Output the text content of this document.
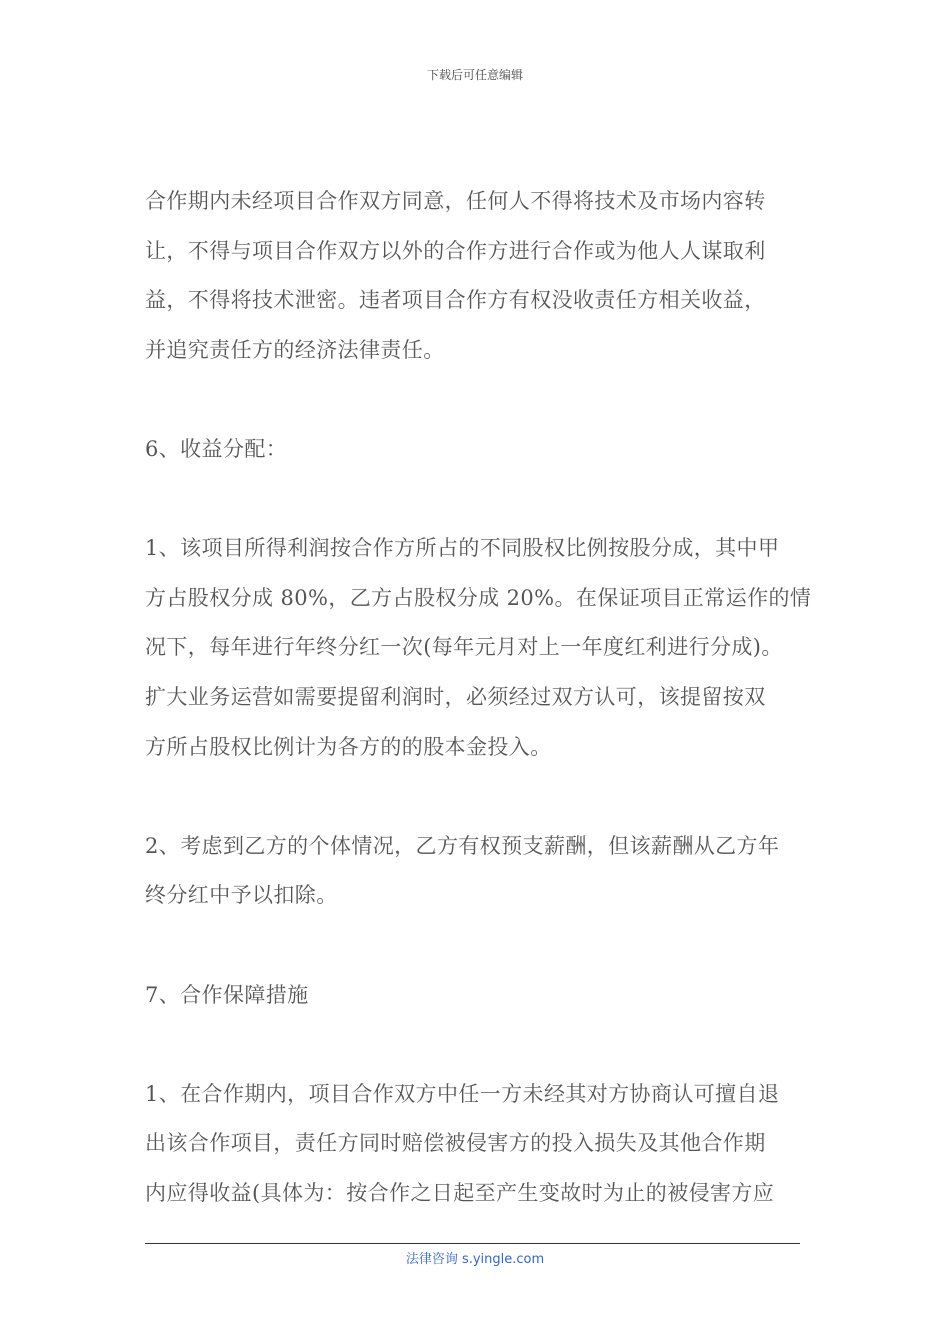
下载后可任意编辑

合作期内未经项目合作双方同意，任何人不得将技术及市场内容转

让，不得与项目合作双方以外的合作方进行合作或为他人人谋取利

益，不得将技术泄密。违者项目合作方有权没收责任方相关收益，

并追究责任方的经济法律责任。

6、收益分配：

1、该项目所得利润按合作方所占的不同股权比例按股分成，其中甲

方占股权分成 80%，乙方占股权分成 20%。在保证项目正常运作的情

况下，每年进行年终分红一次(每年元月对上一年度红利进行分成)。

扩大业务运营如需要提留利润时，必须经过双方认可，该提留按双

方所占股权比例计为各方的的股本金投入。

2、考虑到乙方的个体情况，乙方有权预支薪酬，但该薪酬从乙方年

终分红中予以扣除。

7、合作保障措施

1、在合作期内，项目合作双方中任一方未经其对方协商认可擅自退

出该合作项目，责任方同时赔偿被侵害方的投入损失及其他合作期

内应得收益(具体为：按合作之日起至产生变故时为止的被侵害方应

法律咨询 s.yingle.com
